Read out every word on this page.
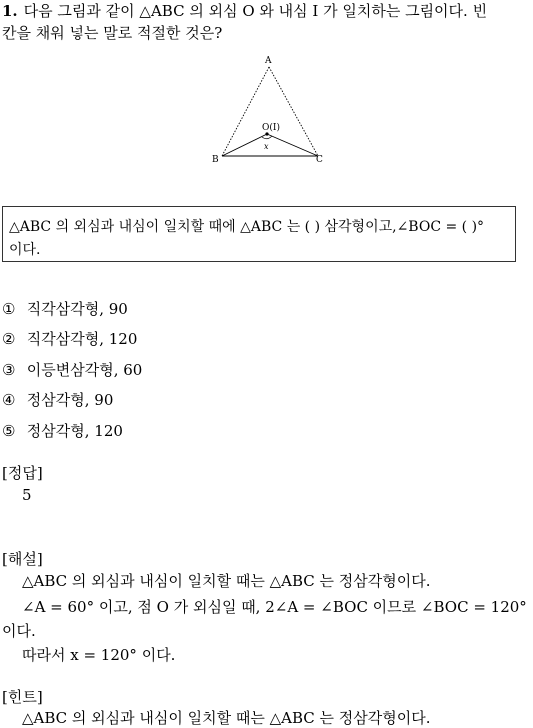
1. 다음 그림과 같이 △ABC 의 외심 O 와 내심 I 가 일치하는 그림이다. 빈
칸을 채워 넣는 말로 적절한 것은?
A
B	C
O(I)
x
△ABC 의 외심과 내심이 일치할 때에 △ABC 는 ( ) 삼각형이고,∠BOC = ( )°
이다.
① 직각삼각형, 90
② 직각삼각형, 120
③ 이등변삼각형, 60
④ 정삼각형, 90
⑤ 정삼각형, 120
[정답]
5
[해설]
△ABC 의 외심과 내심이 일치할 때는 △ABC 는 정삼각형이다.
∠A = 60° 이고, 점 O 가 외심일 때, 2∠A = ∠BOC 이므로 ∠BOC = 120°
이다.
따라서 x = 120° 이다.
[힌트]
△ABC 의 외심과 내심이 일치할 때는 △ABC 는 정삼각형이다.
